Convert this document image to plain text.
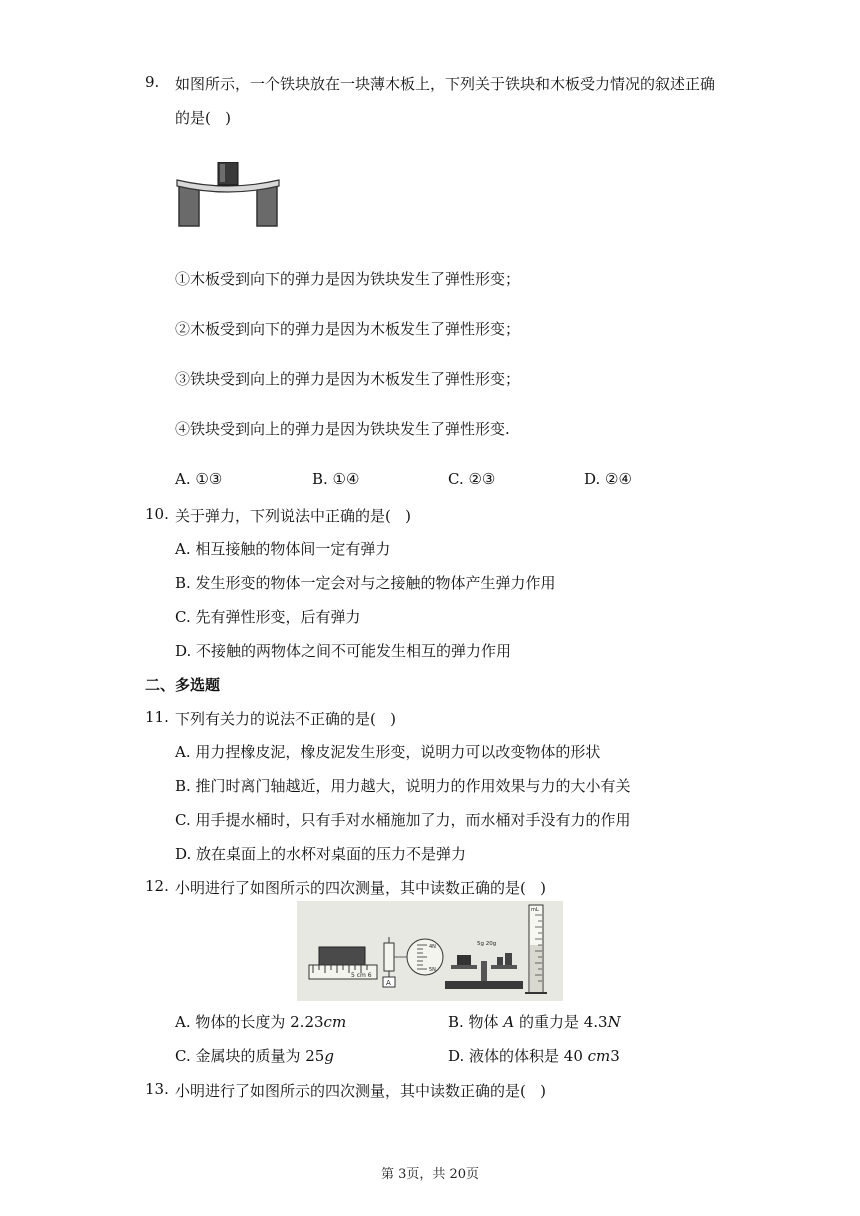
9. 如图所示，一个铁块放在一块薄木板上，下列关于铁块和木板受力情况的叙述正确
的是(   )
①木板受到向下的弹力是因为铁块发生了弹性形变；
②木板受到向下的弹力是因为木板发生了弹性形变；
③铁块受到向上的弹力是因为木板发生了弹性形变；
④铁块受到向上的弹力是因为铁块发生了弹性形变.
A. ①③	B. ①④	C. ②③	D. ②④
10. 关于弹力，下列说法中正确的是(   )
A. 相互接触的物体间一定有弹力
B. 发生形变的物体一定会对与之接触的物体产生弹力作用
C. 先有弹性形变，后有弹力
D. 不接触的两物体之间不可能发生相互的弹力作用
二、多选题
11. 下列有关力的说法不正确的是(   )
A. 用力捏橡皮泥，橡皮泥发生形变，说明力可以改变物体的形状
B. 推门时离门轴越近，用力越大，说明力的作用效果与力的大小有关
C. 用手提水桶时，只有手对水桶施加了力，而水桶对手没有力的作用
D. 放在桌面上的水杯对桌面的压力不是弹力
12. 小明进行了如图所示的四次测量，其中读数正确的是(   )
5 cm 6
A
4N
5N
5g 20g
mL
A. 物体的长度为 2.23cm	B. 物体 A 的重力是 4.3N
C. 金属块的质量为 25g	D. 液体的体积是 40 cm3
13. 小明进行了如图所示的四次测量，其中读数正确的是(   )
第 3页，共 20页
